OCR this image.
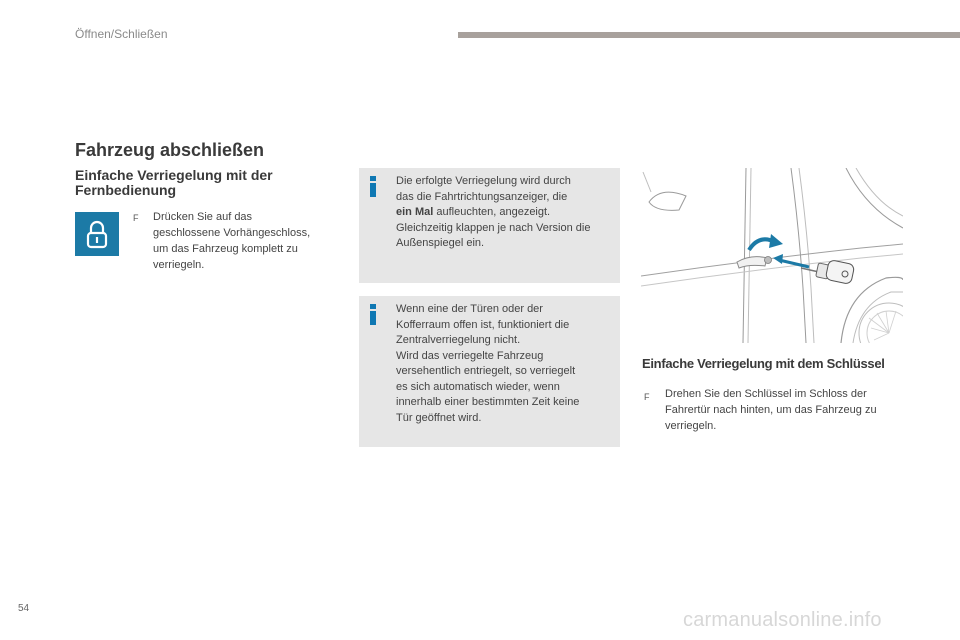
Öffnen/Schließen
Fahrzeug abschließen
Einfache Verriegelung mit der Fernbedienung
F Drücken Sie auf das
geschlossene Vorhängeschloss,
um das Fahrzeug komplett zu
verriegeln.
Die erfolgte Verriegelung wird durch
das die Fahrtrichtungsanzeiger, die
ein Mal aufleuchten, angezeigt.
Gleichzeitig klappen je nach Version die
Außenspiegel ein.
Wenn eine der Türen oder der
Kofferraum offen ist, funktioniert die
Zentralverriegelung nicht.
Wird das verriegelte Fahrzeug
versehentlich entriegelt, so verriegelt
es sich automatisch wieder, wenn
innerhalb einer bestimmten Zeit keine
Tür geöffnet wird.
Einfache Verriegelung mit dem Schlüssel
F Drehen Sie den Schlüssel im Schloss der
Fahrertür nach hinten, um das Fahrzeug zu
verriegeln.
54
carmanualsonline.info
